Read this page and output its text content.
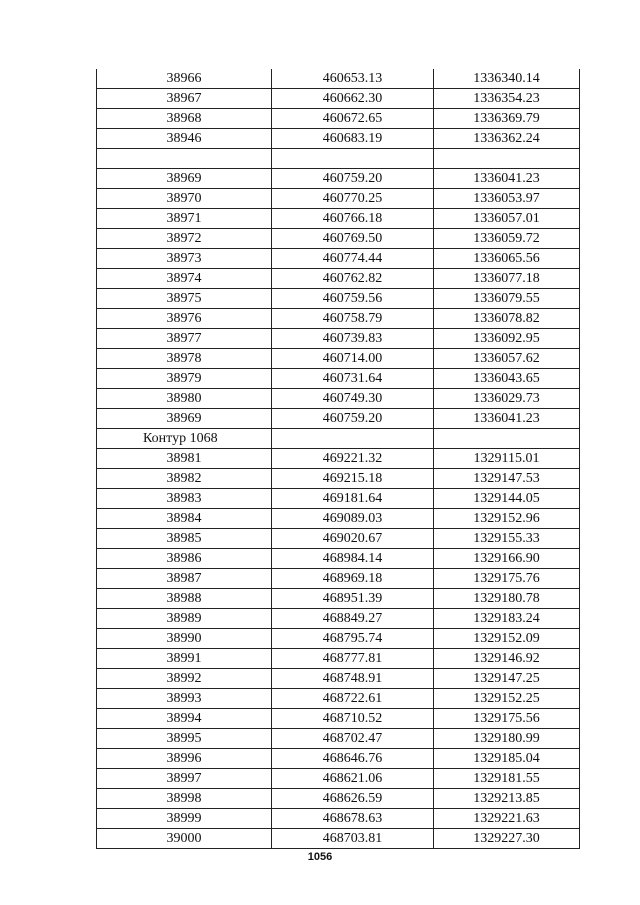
38966	460653.13	1336340.14
38967	460662.30	1336354.23
38968	460672.65	1336369.79
38946	460683.19	1336362.24

38969	460759.20	1336041.23
38970	460770.25	1336053.97
38971	460766.18	1336057.01
38972	460769.50	1336059.72
38973	460774.44	1336065.56
38974	460762.82	1336077.18
38975	460759.56	1336079.55
38976	460758.79	1336078.82
38977	460739.83	1336092.95
38978	460714.00	1336057.62
38979	460731.64	1336043.65
38980	460749.30	1336029.73
38969	460759.20	1336041.23
Контур 1068		
38981	469221.32	1329115.01
38982	469215.18	1329147.53
38983	469181.64	1329144.05
38984	469089.03	1329152.96
38985	469020.67	1329155.33
38986	468984.14	1329166.90
38987	468969.18	1329175.76
38988	468951.39	1329180.78
38989	468849.27	1329183.24
38990	468795.74	1329152.09
38991	468777.81	1329146.92
38992	468748.91	1329147.25
38993	468722.61	1329152.25
38994	468710.52	1329175.56
38995	468702.47	1329180.99
38996	468646.76	1329185.04
38997	468621.06	1329181.55
38998	468626.59	1329213.85
38999	468678.63	1329221.63
39000	468703.81	1329227.30
1056
